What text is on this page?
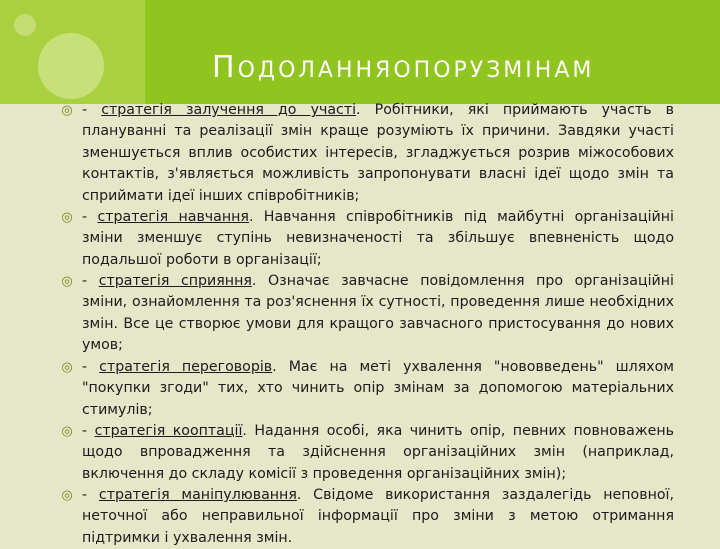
ПОДОЛАННЯОПОРУЗМІНАМ
◎ - стратегія залучення до участі. Робітники, які приймають участь в плануванні та реалізації змін краще розуміють їх причини. Завдяки участі зменшується вплив особистих інтересів, згладжується розрив міжособових контактів, з'являється можливість запропонувати власні ідеї щодо змін та сприймати ідеї інших співробітників;
◎ - стратегія навчання. Навчання співробітників під майбутні організаційні зміни зменшує ступінь невизначеності та збільшує впевненість щодо подальшої роботи в організації;
◎ - стратегія сприяння. Означає завчасне повідомлення про організаційні зміни, ознайомлення та роз'яснення їх сутності, проведення лише необхідних змін. Все це створює умови для кращого завчасного пристосування до нових умов;
◎ - стратегія переговорів. Має на меті ухвалення "нововведень" шляхом "покупки згоди" тих, хто чинить опір змінам за допомогою матеріальних стимулів;
◎ - стратегія кооптації. Надання особі, яка чинить опір, певних повноважень щодо впровадження та здійснення організаційних змін (наприклад, включення до складу комісії з проведення організаційних змін);
◎ - стратегія маніпулювання. Свідоме використання заздалегідь неповної, неточної або неправильної інформації про зміни з метою отримання підтримки і ухвалення змін.
